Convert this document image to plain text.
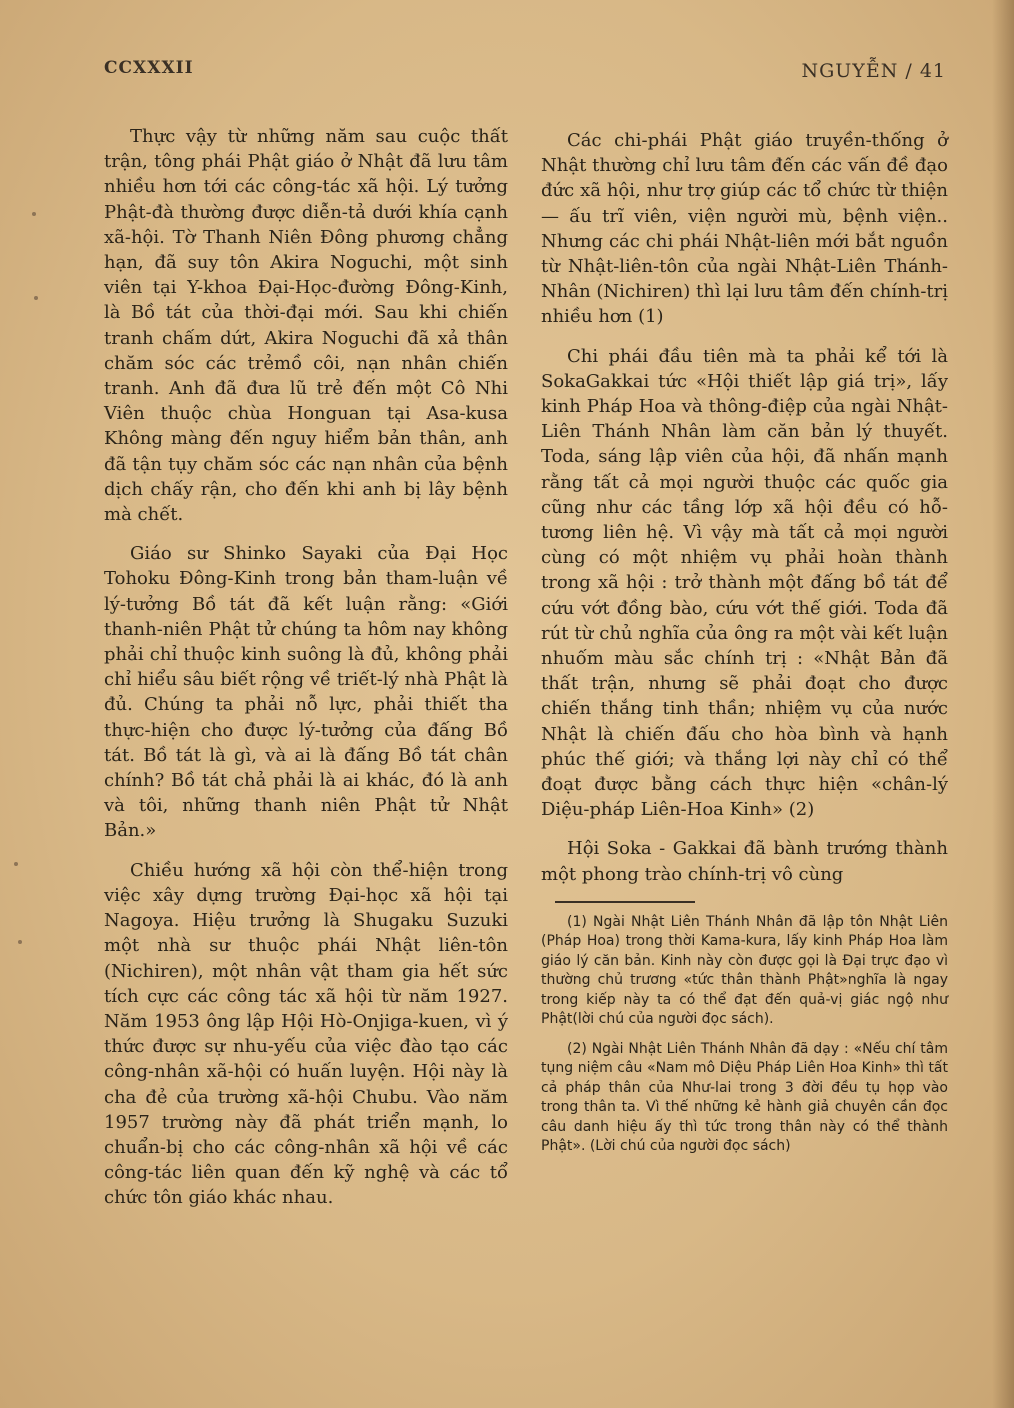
CCXXXII	NGUYỄN / 41

Thực vậy từ những năm sau cuộc thất trận, tông phái Phật giáo ở Nhật đã lưu tâm nhiều hơn tới các công-tác xã hội. Lý tưởng Phật-đà thường được diễn-tả dưới khía cạnh xã-hội. Tờ Thanh Niên Đông phương chẳng hạn, đã suy tôn Akira Noguchi, một sinh viên tại Y-khoa Đại-Học-đường Đông-Kinh, là Bồ tát của thời-đại mới. Sau khi chiến tranh chấm dứt, Akira Noguchi đã xả thân chăm sóc các trẻmồ côi, nạn nhân chiến tranh. Anh đã đưa lũ trẻ đến một Cô Nhi Viên thuộc chùa Honguan tại Asa-kusa Không màng đến nguy hiểm bản thân, anh đã tận tụy chăm sóc các nạn nhân của bệnh dịch chấy rận, cho đến khi anh bị lây bệnh mà chết.

Giáo sư Shinko Sayaki của Đại Học Tohoku Đông-Kinh trong bản tham-luận về lý-tưởng Bồ tát đã kết luận rằng: «Giới thanh-niên Phật tử chúng ta hôm nay không phải chỉ thuộc kinh suông là đủ, không phải chỉ hiểu sâu biết rộng về triết-lý nhà Phật là đủ. Chúng ta phải nỗ lực, phải thiết tha thực-hiện cho được lý-tưởng của đấng Bồ tát. Bồ tát là gì, và ai là đấng Bồ tát chân chính? Bồ tát chả phải là ai khác, đó là anh và tôi, những thanh niên Phật tử Nhật Bản.»

Chiều hướng xã hội còn thể-hiện trong việc xây dựng trường Đại-học xã hội tại Nagoya. Hiệu trưởng là Shugaku Suzuki một nhà sư thuộc phái Nhật liên-tôn (Nichiren), một nhân vật tham gia hết sức tích cực các công tác xã hội từ năm 1927. Năm 1953 ông lập Hội Hò-Onjiga-kuen, vì ý thức được sự nhu-yếu của việc đào tạo các công-nhân xã-hội có huấn luyện. Hội này là cha đẻ của trường xã-hội Chubu. Vào năm 1957 trường này đã phát triển mạnh, lo chuẩn-bị cho các công-nhân xã hội về các công-tác liên quan đến kỹ nghệ và các tổ chức tôn giáo khác nhau.

Các chi-phái Phật giáo truyền-thống ở Nhật thường chỉ lưu tâm đến các vấn đề đạo đức xã hội, như trợ giúp các tổ chức từ thiện — ấu trĩ viên, viện người mù, bệnh viện.. Nhưng các chi phái Nhật-liên mới bắt nguồn từ Nhật-liên-tôn của ngài Nhật-Liên Thánh-Nhân (Nichiren) thì lại lưu tâm đến chính-trị nhiều hơn (1)

Chi phái đầu tiên mà ta phải kể tới là SokaGakkai tức «Hội thiết lập giá trị», lấy kinh Pháp Hoa và thông-điệp của ngài Nhật-Liên Thánh Nhân làm căn bản lý thuyết. Toda, sáng lập viên của hội, đã nhấn mạnh rằng tất cả mọi người thuộc các quốc gia cũng như các tầng lớp xã hội đều có hỗ-tương liên hệ. Vì vậy mà tất cả mọi người cùng có một nhiệm vụ phải hoàn thành trong xã hội : trở thành một đấng bồ tát để cứu vớt đồng bào, cứu vớt thế giới. Toda đã rút từ chủ nghĩa của ông ra một vài kết luận nhuốm màu sắc chính trị : «Nhật Bản đã thất trận, nhưng sẽ phải đoạt cho được chiến thắng tinh thần; nhiệm vụ của nước Nhật là chiến đấu cho hòa bình và hạnh phúc thế giới; và thắng lợi này chỉ có thể đoạt được bằng cách thực hiện «chân-lý Diệu-pháp Liên-Hoa Kinh» (2)

Hội Soka - Gakkai đã bành trướng thành một phong trào chính-trị vô cùng

(1) Ngài Nhật Liên Thánh Nhân đã lập tôn Nhật Liên (Pháp Hoa) trong thời Kama-kura, lấy kinh Pháp Hoa làm giáo lý căn bản. Kinh này còn được gọi là Đại trực đạo vì thường chủ trương «tức thân thành Phật»nghĩa là ngay trong kiếp này ta có thể đạt đến quả-vị giác ngộ như Phật(lời chú của người đọc sách).

(2) Ngài Nhật Liên Thánh Nhân đã dạy : «Nếu chí tâm tụng niệm câu «Nam mô Diệu Pháp Liên Hoa Kinh» thì tất cả pháp thân của Như-lai trong 3 đời đều tụ họp vào trong thân ta. Vì thế những kẻ hành giả chuyên cần đọc câu danh hiệu ấy thì tức trong thân này có thể thành Phật». (Lời chú của người đọc sách)
